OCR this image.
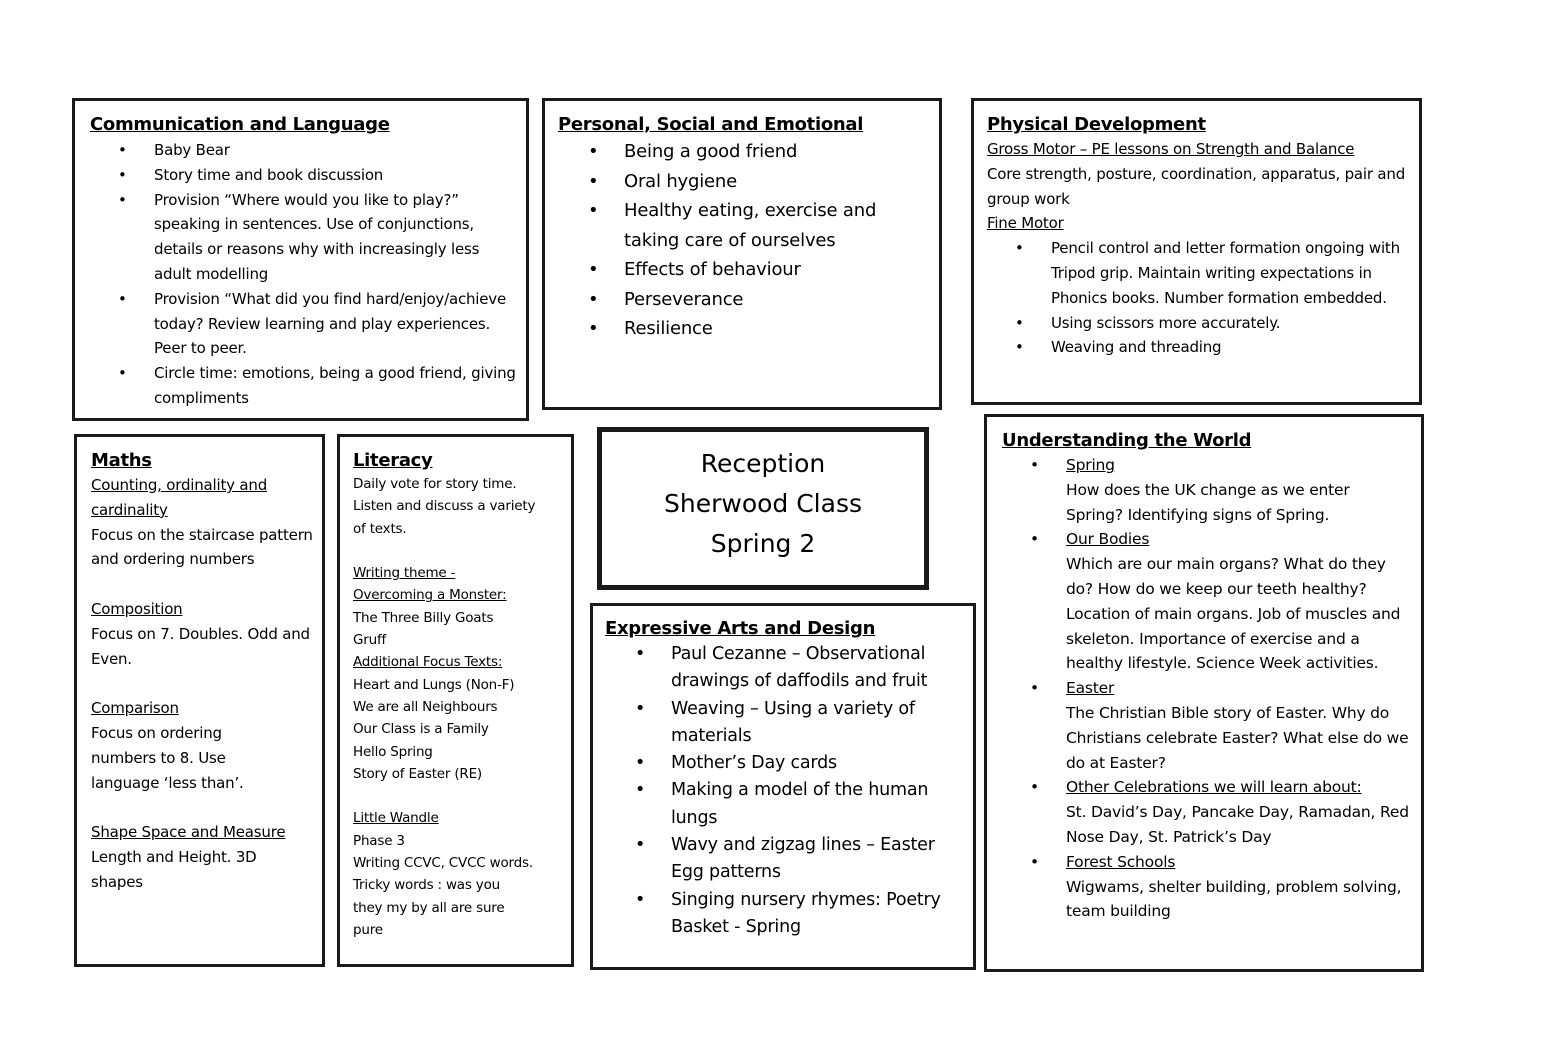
Communication and Language
• Baby Bear
• Story time and book discussion
• Provision “Where would you like to play?” speaking in sentences. Use of conjunctions, details or reasons why with increasingly less adult modelling
• Provision “What did you find hard/enjoy/achieve today? Review learning and play experiences. Peer to peer.
• Circle time: emotions, being a good friend, giving compliments
Personal, Social and Emotional
• Being a good friend
• Oral hygiene
• Healthy eating, exercise and taking care of ourselves
• Effects of behaviour
• Perseverance
• Resilience
Physical Development
Gross Motor – PE lessons on Strength and Balance
Core strength, posture, coordination, apparatus, pair and group work
Fine Motor
• Pencil control and letter formation ongoing with Tripod grip. Maintain writing expectations in Phonics books. Number formation embedded.
• Using scissors more accurately.
• Weaving and threading
Maths
Counting, ordinality and cardinality
Focus on the staircase pattern and ordering numbers
Composition
Focus on 7. Doubles. Odd and Even.
Comparison
Focus on ordering numbers to 8. Use language ‘less than’.
Shape Space and Measure
Length and Height. 3D shapes
Literacy
Daily vote for story time. Listen and discuss a variety of texts.
Writing theme -
Overcoming a Monster:
The Three Billy Goats Gruff
Additional Focus Texts:
Heart and Lungs (Non-F)
We are all Neighbours
Our Class is a Family
Hello Spring
Story of Easter (RE)
Little Wandle
Phase 3
Writing CCVC, CVCC words.
Tricky words : was you they my by all are sure pure
Reception
Sherwood Class
Spring 2
Expressive Arts and Design
• Paul Cezanne – Observational drawings of daffodils and fruit
• Weaving – Using a variety of materials
• Mother’s Day cards
• Making a model of the human lungs
• Wavy and zigzag lines – Easter Egg patterns
• Singing nursery rhymes: Poetry Basket - Spring
Understanding the World
• Spring
How does the UK change as we enter Spring? Identifying signs of Spring.
• Our Bodies
Which are our main organs? What do they do? How do we keep our teeth healthy? Location of main organs. Job of muscles and skeleton. Importance of exercise and a healthy lifestyle. Science Week activities.
• Easter
The Christian Bible story of Easter. Why do Christians celebrate Easter? What else do we do at Easter?
• Other Celebrations we will learn about:
St. David’s Day, Pancake Day, Ramadan, Red Nose Day, St. Patrick’s Day
• Forest Schools
Wigwams, shelter building, problem solving, team building
